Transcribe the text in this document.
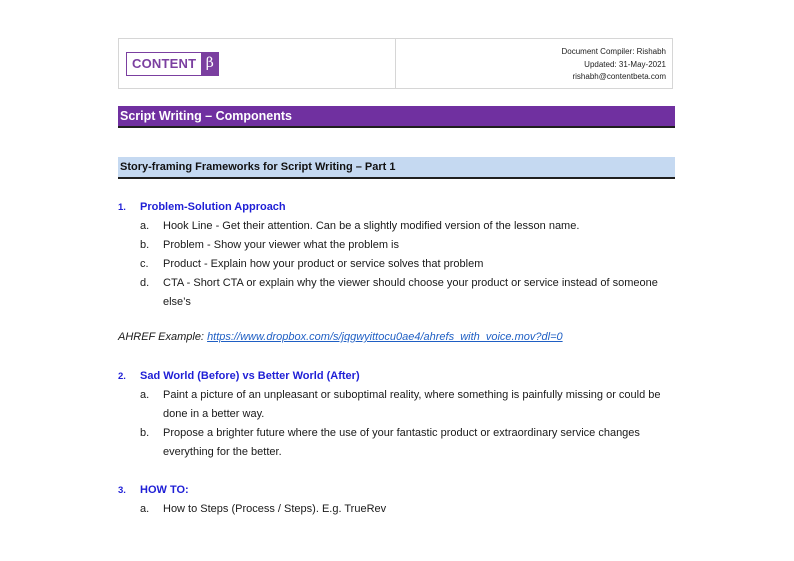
CONTENT β
Document Compiler: Rishabh
Updated: 31-May-2021
rishabh@contentbeta.com
Script Writing – Components
Story-framing Frameworks for Script Writing – Part 1
1. Problem-Solution Approach
a.	Hook Line - Get their attention. Can be a slightly modified version of the lesson name.
b.	Problem - Show your viewer what the problem is
c.	Product - Explain how your product or service solves that problem
d.	CTA - Short CTA or explain why the viewer should choose your product or service instead of someone else’s
AHREF Example: https://www.dropbox.com/s/jqgwyittocu0ae4/ahrefs_with_voice.mov?dl=0
2. Sad World (Before) vs Better World (After)
a.	Paint a picture of an unpleasant or suboptimal reality, where something is painfully missing or could be done in a better way.
b.	Propose a brighter future where the use of your fantastic product or extraordinary service changes everything for the better.
3. HOW TO:
a.	How to Steps (Process / Steps). E.g. TrueRev
